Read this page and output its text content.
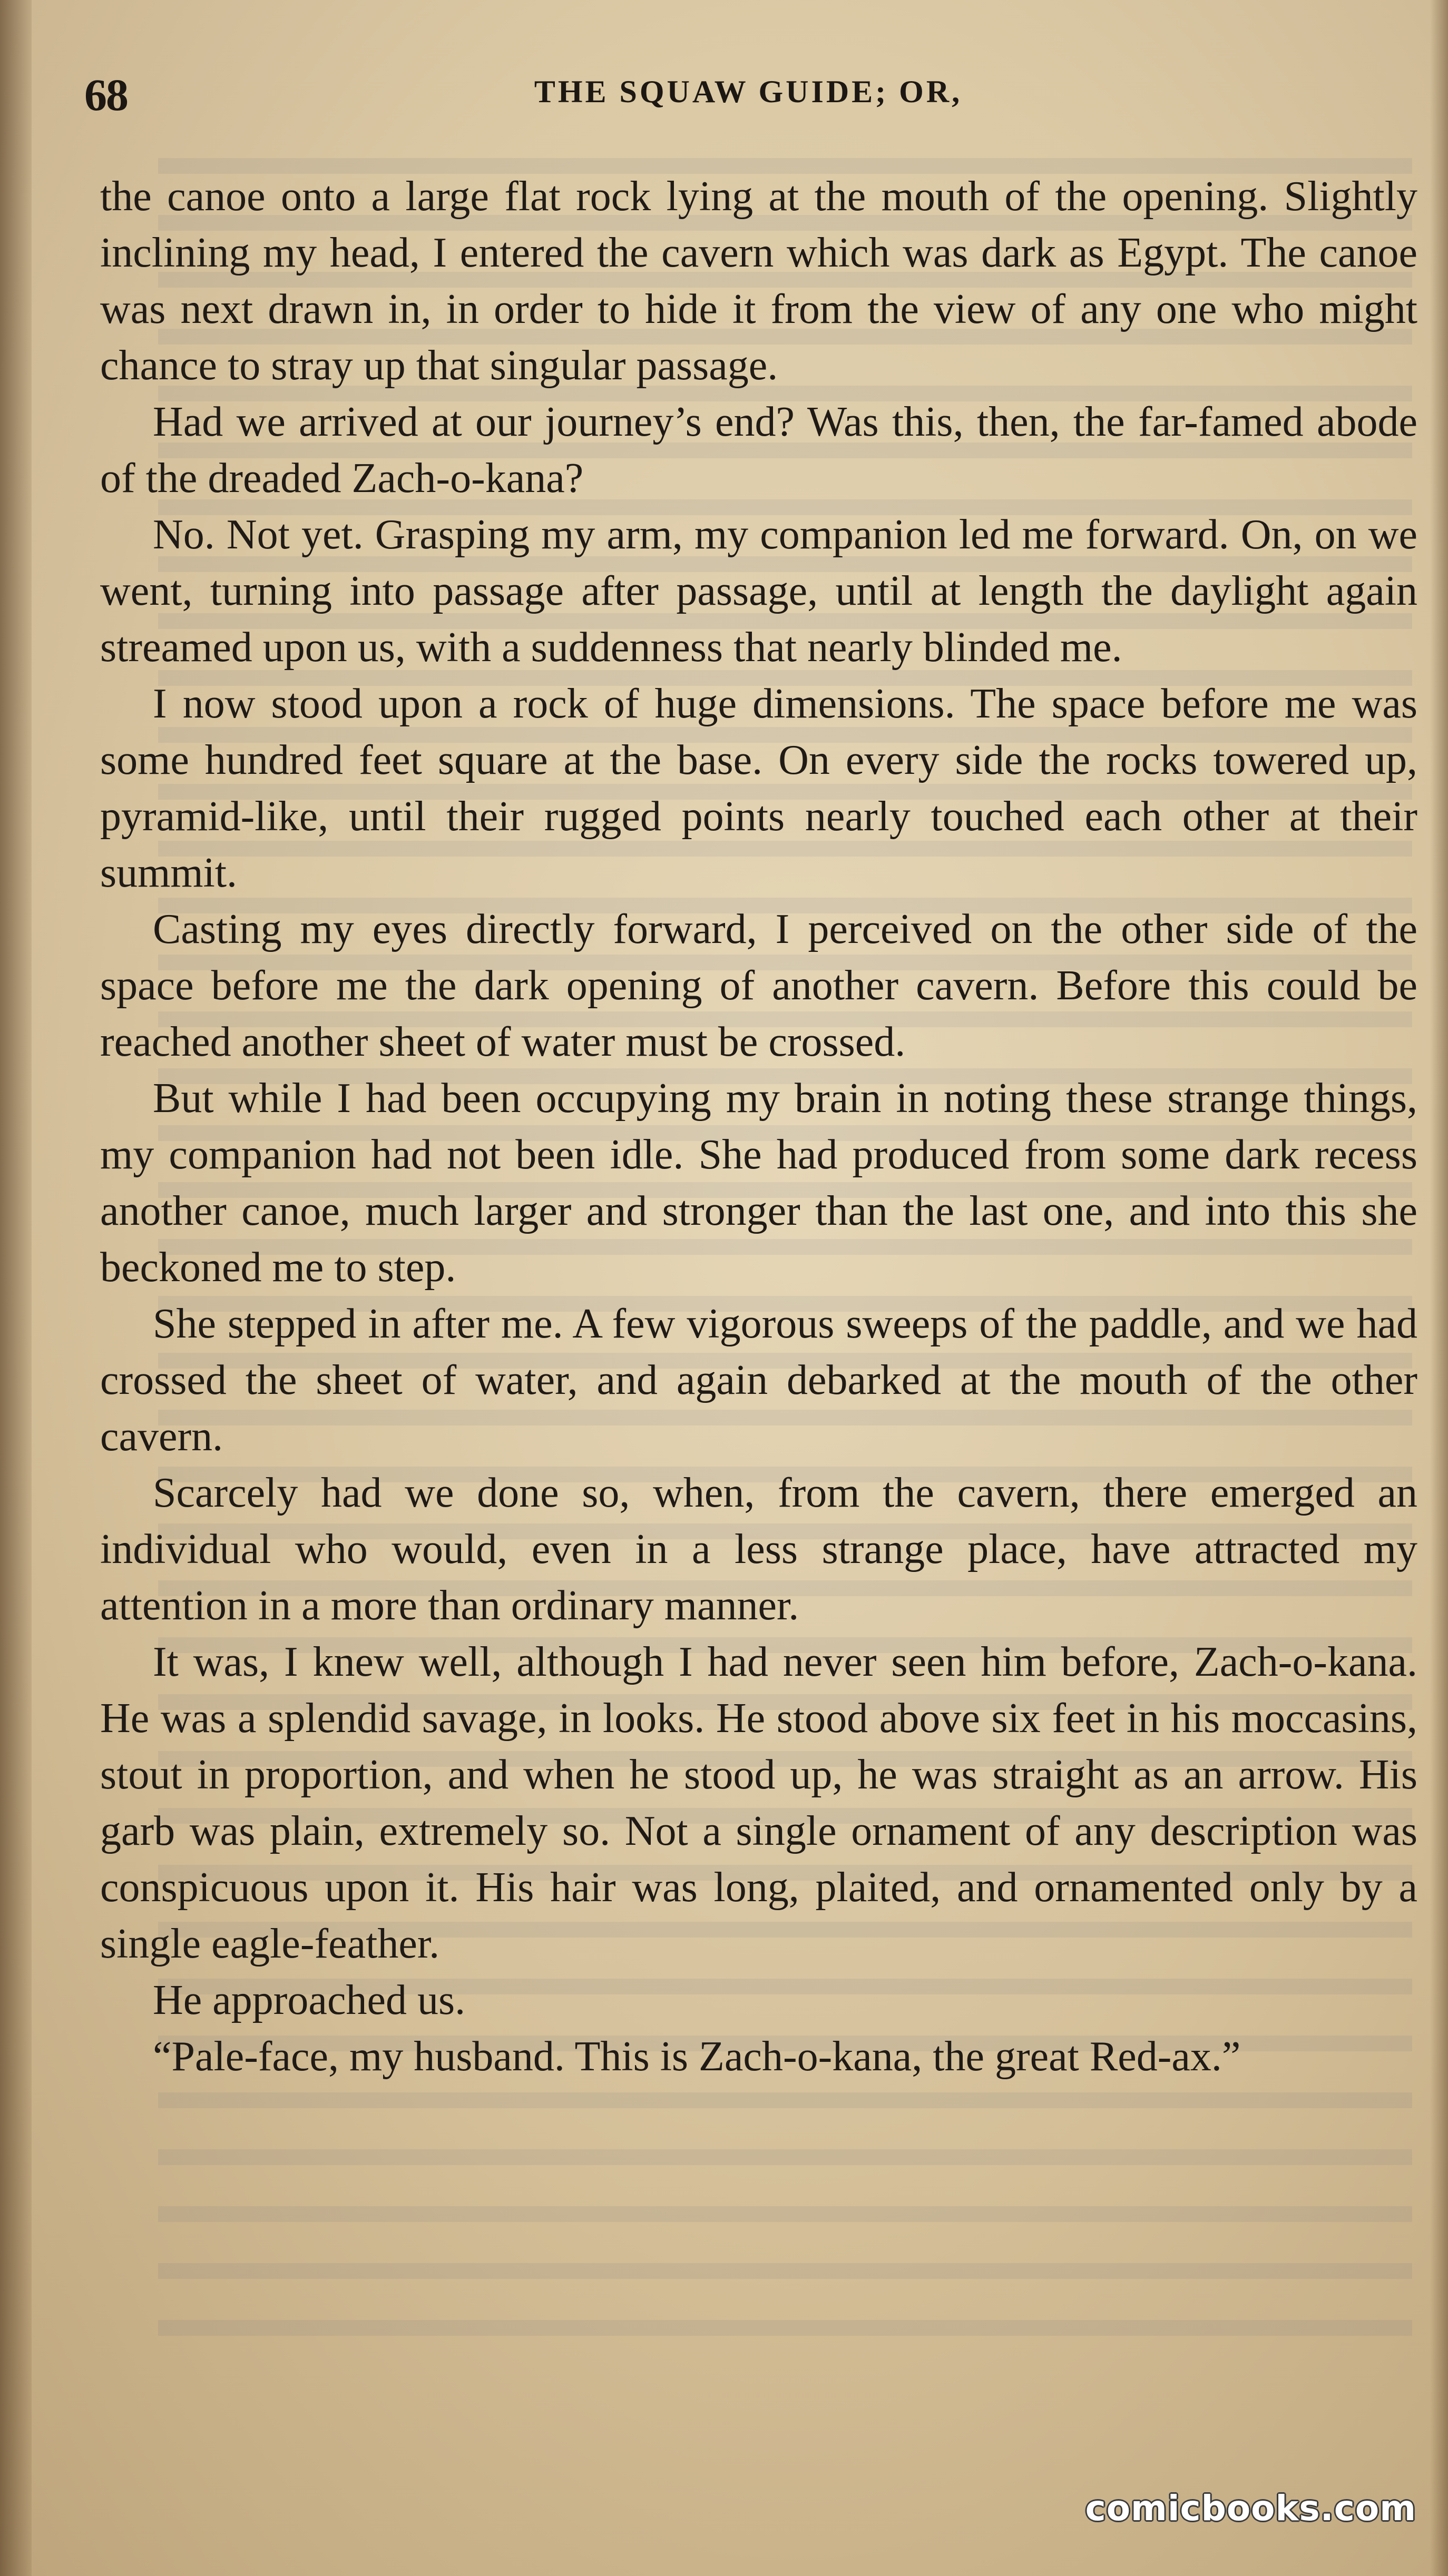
68	THE SQUAW GUIDE; OR,

the canoe onto a large flat rock lying at the mouth of the opening. Slightly inclining my head, I entered the cavern which was dark as Egypt. The canoe was next drawn in, in order to hide it from the view of any one who might chance to stray up that singular passage.

Had we arrived at our journey’s end? Was this, then, the far-famed abode of the dreaded Zach-o-kana?

No. Not yet. Grasping my arm, my companion led me forward. On, on we went, turning into passage after passage, until at length the daylight again streamed upon us, with a suddenness that nearly blinded me.

I now stood upon a rock of huge dimensions. The space before me was some hundred feet square at the base. On every side the rocks towered up, pyramid-like, until their rugged points nearly touched each other at their summit.

Casting my eyes directly forward, I perceived on the other side of the space before me the dark opening of another cavern. Before this could be reached another sheet of water must be crossed.

But while I had been occupying my brain in noting these strange things, my companion had not been idle. She had produced from some dark recess another canoe, much larger and stronger than the last one, and into this she beckoned me to step.

She stepped in after me. A few vigorous sweeps of the paddle, and we had crossed the sheet of water, and again debarked at the mouth of the other cavern.

Scarcely had we done so, when, from the cavern, there emerged an individual who would, even in a less strange place, have attracted my attention in a more than ordinary manner.

It was, I knew well, although I had never seen him before, Zach-o-kana. He was a splendid savage, in looks. He stood above six feet in his moccasins, stout in proportion, and when he stood up, he was straight as an arrow. His garb was plain, extremely so. Not a single ornament of any description was conspicuous upon it. His hair was long, plaited, and ornamented only by a single eagle-feather.

He approached us.

“Pale-face, my husband. This is Zach-o-kana, the great Red-ax.”

comicbooks.com
